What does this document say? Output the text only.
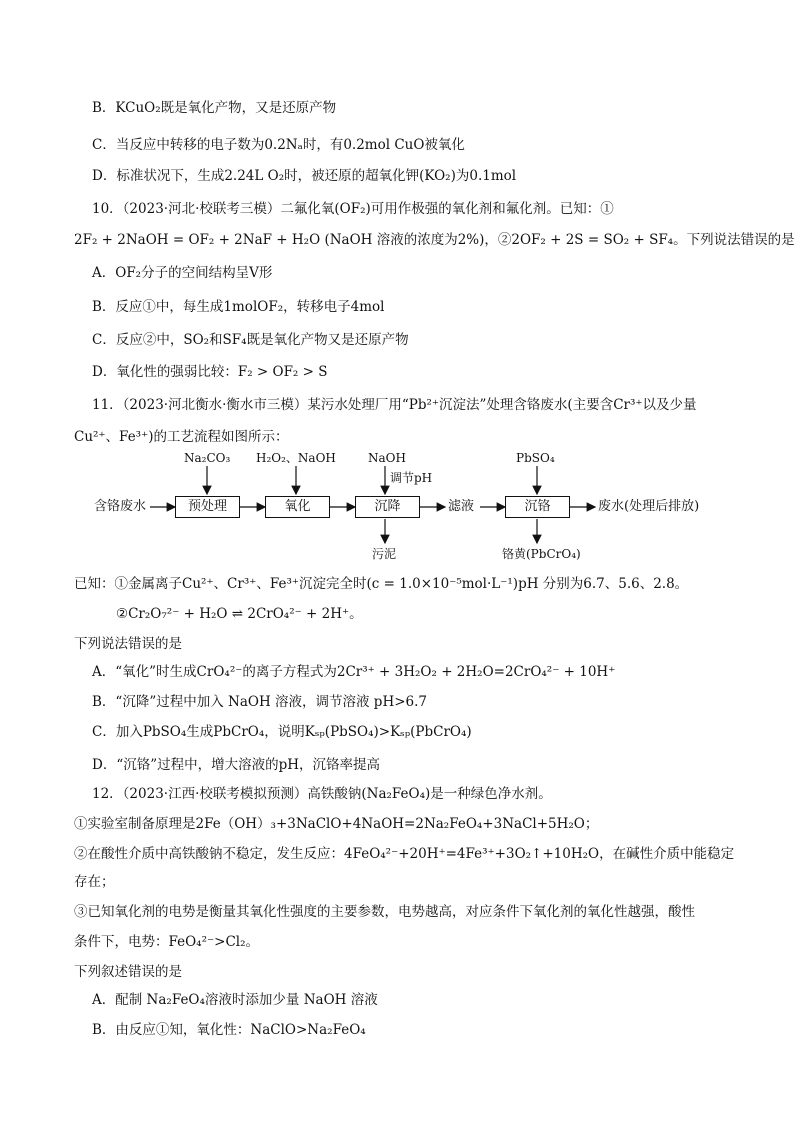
B．KCuO₂既是氧化产物，又是还原产物
C．当反应中转移的电子数为0.2Nₐ时，有0.2mol CuO被氧化
D．标准状况下，生成2.24L O₂时，被还原的超氧化钾(KO₂)为0.1mol
10．（2023·河北·校联考三模）二氟化氧(OF₂)可用作极强的氧化剂和氟化剂。已知：①
2F₂ + 2NaOH = OF₂ + 2NaF + H₂O (NaOH 溶液的浓度为2%)，②2OF₂ + 2S = SO₂ + SF₄。下列说法错误的是
A．OF₂分子的空间结构呈V形
B．反应①中，每生成1molOF₂，转移电子4mol
C．反应②中，SO₂和SF₄既是氧化产物又是还原产物
D．氧化性的强弱比较：F₂ > OF₂ > S
11．（2023·河北衡水·衡水市三模）某污水处理厂用“Pb²⁺沉淀法”处理含铬废水(主要含Cr³⁺以及少量
Cu²⁺、Fe³⁺)的工艺流程如图所示：
含铬废水	预处理	氧化	沉降	滤液	沉铬	废水(处理后排放)
Na₂CO₃ H₂O₂、NaOH	NaOH
调节pH
PbSO₄
污泥	铬黄(PbCrO₄)
已知：①金属离子Cu²⁺、Cr³⁺、Fe³⁺沉淀完全时(c = 1.0×10⁻⁵mol·L⁻¹)pH 分别为6.7、5.6、2.8。
②Cr₂O₇²⁻ + H₂O ⇌ 2CrO₄²⁻ + 2H⁺。
下列说法错误的是
A．“氧化”时生成CrO₄²⁻的离子方程式为2Cr³⁺ + 3H₂O₂ + 2H₂O=2CrO₄²⁻ + 10H⁺
B．“沉降”过程中加入 NaOH 溶液，调节溶液 pH>6.7
C．加入PbSO₄生成PbCrO₄，说明Kₛₚ(PbSO₄)>Kₛₚ(PbCrO₄)
D．“沉铬”过程中，增大溶液的pH，沉铬率提高
12．（2023·江西·校联考模拟预测）高铁酸钠(Na₂FeO₄)是一种绿色净水剂。
①实验室制备原理是2Fe（OH）₃+3NaClO+4NaOH=2Na₂FeO₄+3NaCl+5H₂O；
②在酸性介质中高铁酸钠不稳定，发生反应：4FeO₄²⁻+20H⁺=4Fe³⁺+3O₂↑+10H₂O，在碱性介质中能稳定
存在；
③已知氧化剂的电势是衡量其氧化性强度的主要参数，电势越高，对应条件下氧化剂的氧化性越强，酸性
条件下，电势：FeO₄²⁻>Cl₂。
下列叙述错误的是
A．配制 Na₂FeO₄溶液时添加少量 NaOH 溶液
B．由反应①知，氧化性：NaClO>Na₂FeO₄
